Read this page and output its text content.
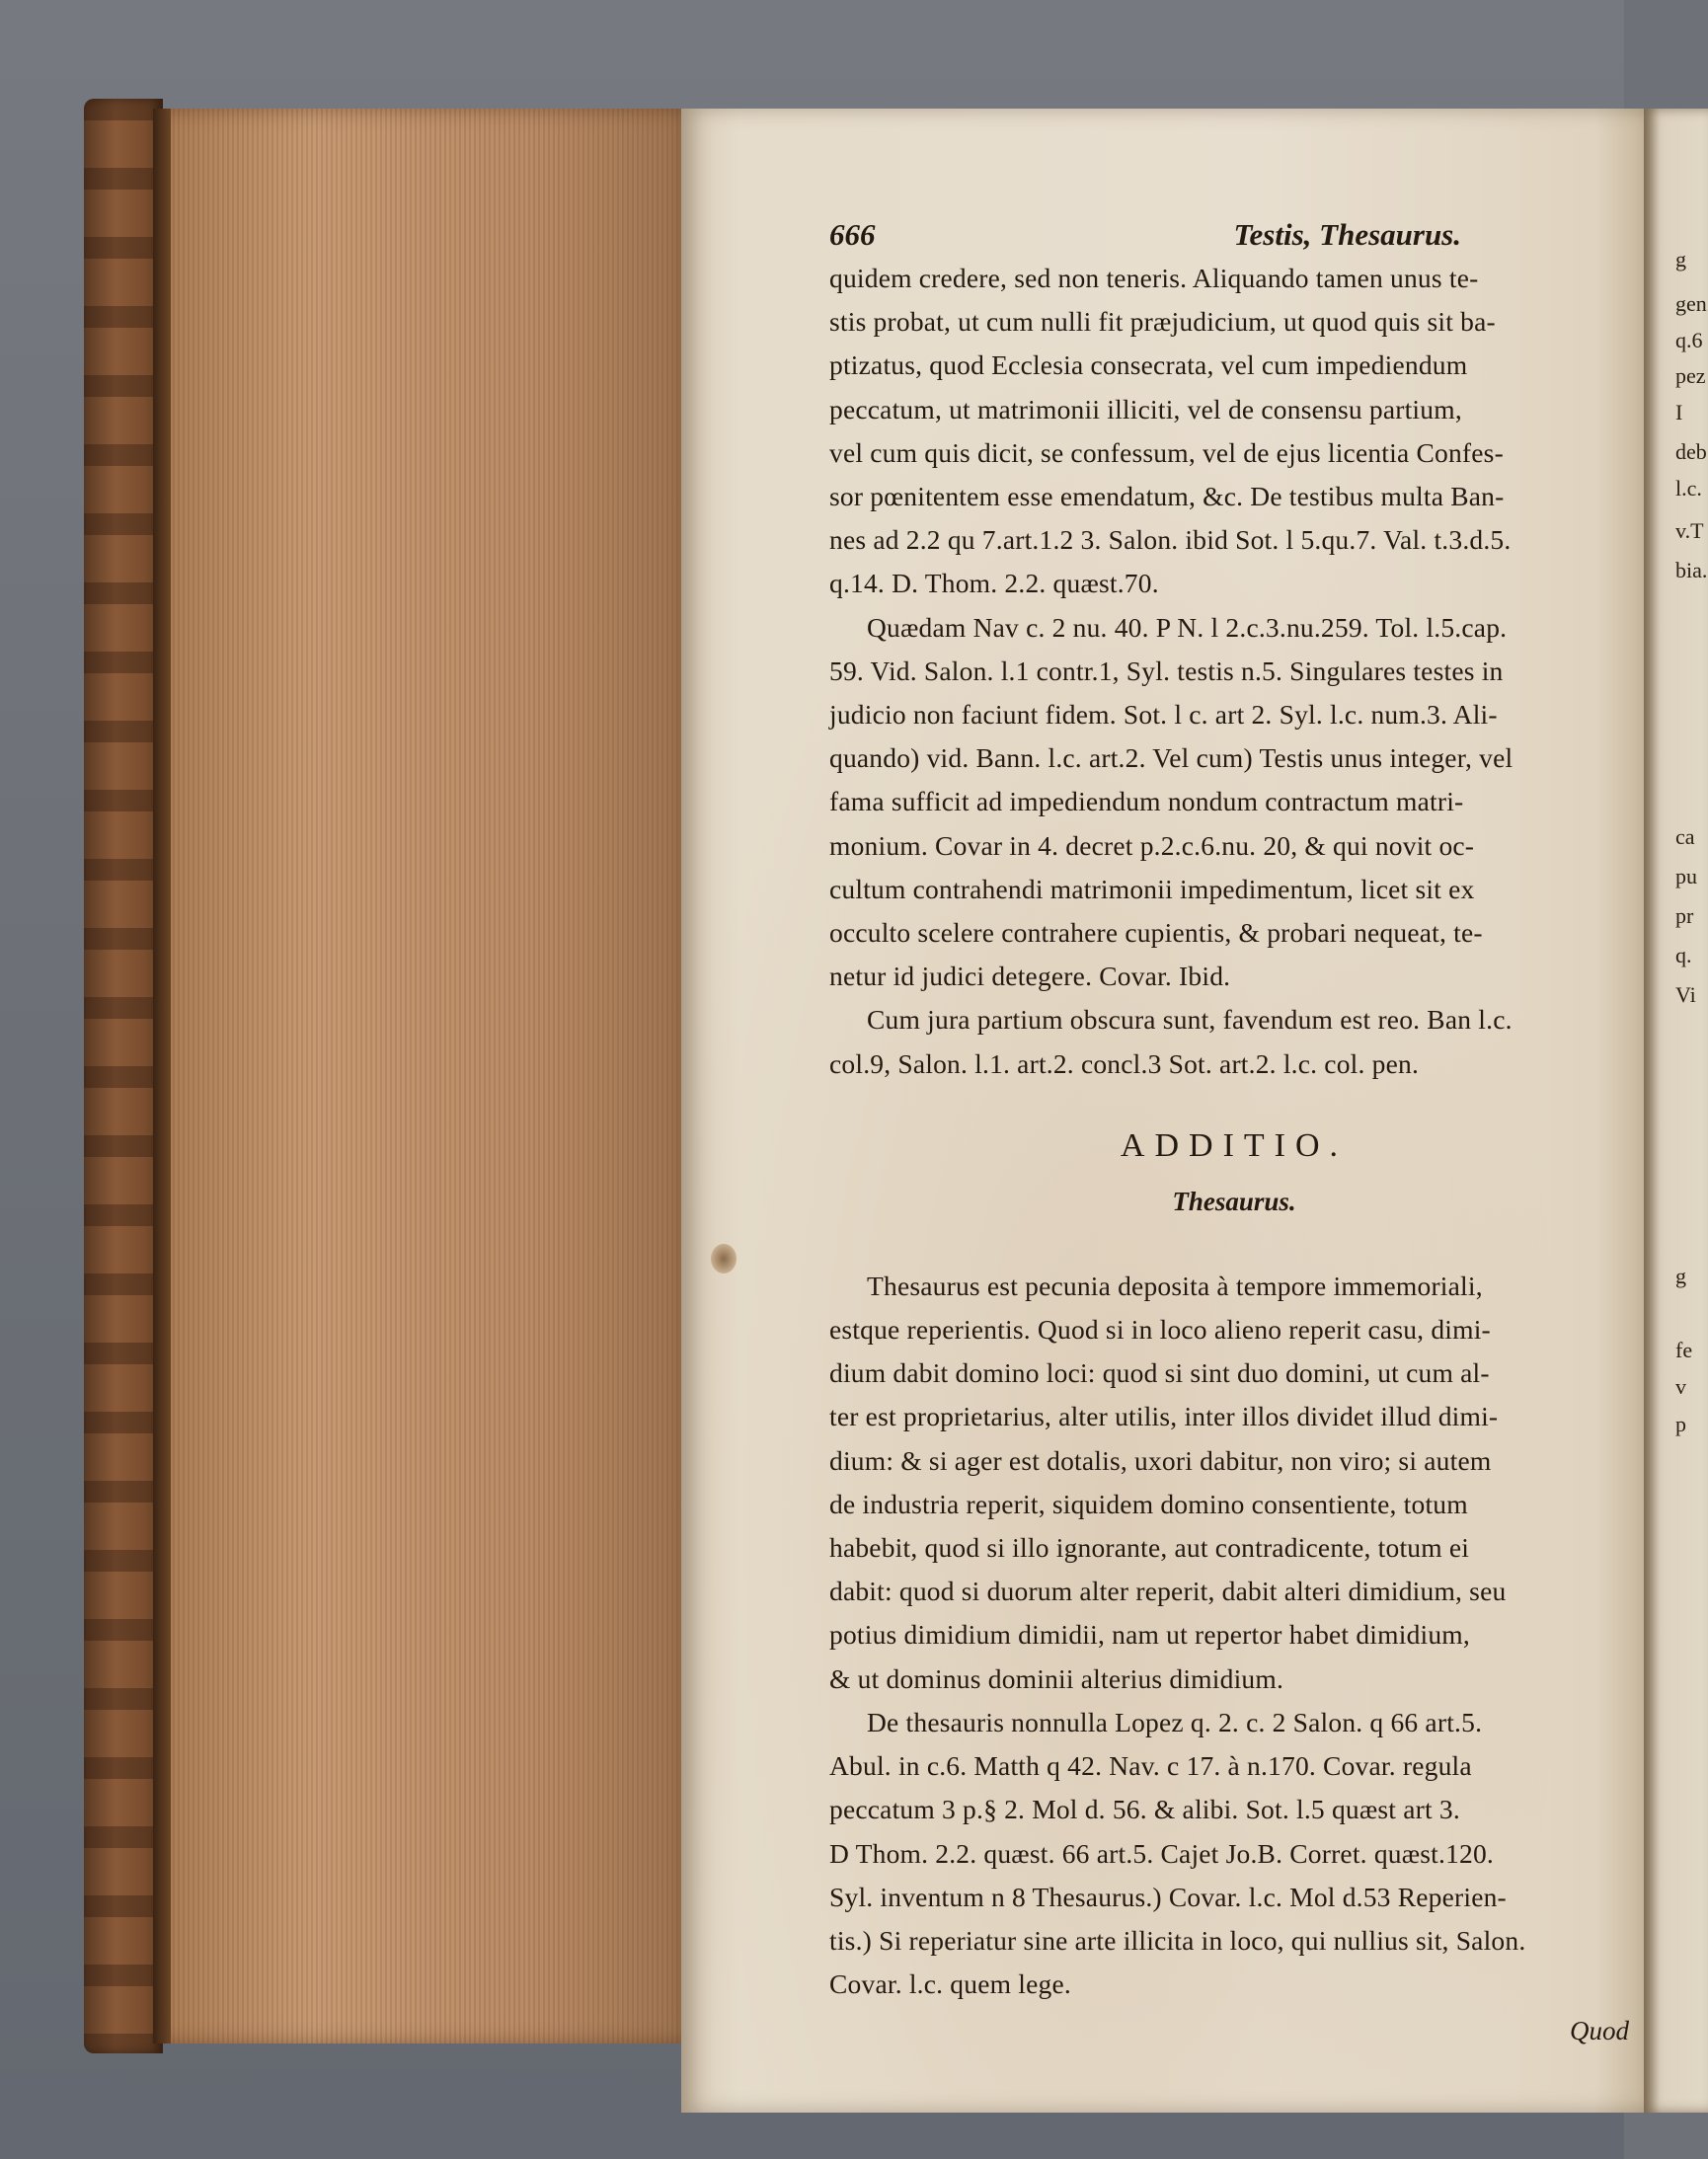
666	Testis, Thesaurus.
quidem credere, sed non teneris. Aliquando tamen unus te-
stis probat, ut cum nulli fit præjudicium, ut quod quis sit ba-
ptizatus, quod Ecclesia consecrata, vel cum impediendum
peccatum, ut matrimonii illiciti, vel de consensu partium,
vel cum quis dicit, se confessum, vel de ejus licentia Confes-
sor pœnitentem esse emendatum, &c. De testibus multa Ban-
nes ad 2.2 qu 7.art.1.2 3. Salon. ibid Sot. l 5.qu.7. Val. t.3.d.5.
q.14. D. Thom. 2.2. quæst.70.
Quædam Nav c. 2 nu. 40. P N. l 2.c.3.nu.259. Tol. l.5.cap.
59. Vid. Salon. l.1 contr.1, Syl. testis n.5. Singulares testes in
judicio non faciunt fidem. Sot. l c. art 2. Syl. l.c. num.3. Ali-
quando) vid. Bann. l.c. art.2. Vel cum) Testis unus integer, vel
fama sufficit ad impediendum nondum contractum matri-
monium. Covar in 4. decret p.2.c.6.nu. 20, & qui novit oc-
cultum contrahendi matrimonii impedimentum, licet sit ex
occulto scelere contrahere cupientis, & probari nequeat, te-
netur id judici detegere. Covar. Ibid.
Cum jura partium obscura sunt, favendum est reo. Ban l.c.
col.9, Salon. l.1. art.2. concl.3 Sot. art.2. l.c. col. pen.
ADDITIO.
Thesaurus.
Thesaurus est pecunia deposita à tempore immemoriali,
estque reperientis. Quod si in loco alieno reperit casu, dimi-
dium dabit domino loci: quod si sint duo domini, ut cum al-
ter est proprietarius, alter utilis, inter illos dividet illud dimi-
dium: & si ager est dotalis, uxori dabitur, non viro; si autem
de industria reperit, siquidem domino consentiente, totum
habebit, quod si illo ignorante, aut contradicente, totum ei
dabit: quod si duorum alter reperit, dabit alteri dimidium, seu
potius dimidium dimidii, nam ut repertor habet dimidium,
& ut dominus dominii alterius dimidium.
De thesauris nonnulla Lopez q. 2. c. 2 Salon. q 66 art.5.
Abul. in c.6. Matth q 42. Nav. c 17. à n.170. Covar. regula
peccatum 3 p.§ 2. Mol d. 56. & alibi. Sot. l.5 quæst art 3.
D Thom. 2.2. quæst. 66 art.5. Cajet Jo.B. Corret. quæst.120.
Syl. inventum n 8 Thesaurus.) Covar. l.c. Mol d.53 Reperien-
tis.) Si reperiatur sine arte illicita in loco, qui nullius sit, Salon.
Covar. l.c. quem lege.
Quod
g
gen
q.6
pez
I
deb
l.c.
v.T
bia.
ca
pu
pr
q.
Vi
g
fe
v
p
